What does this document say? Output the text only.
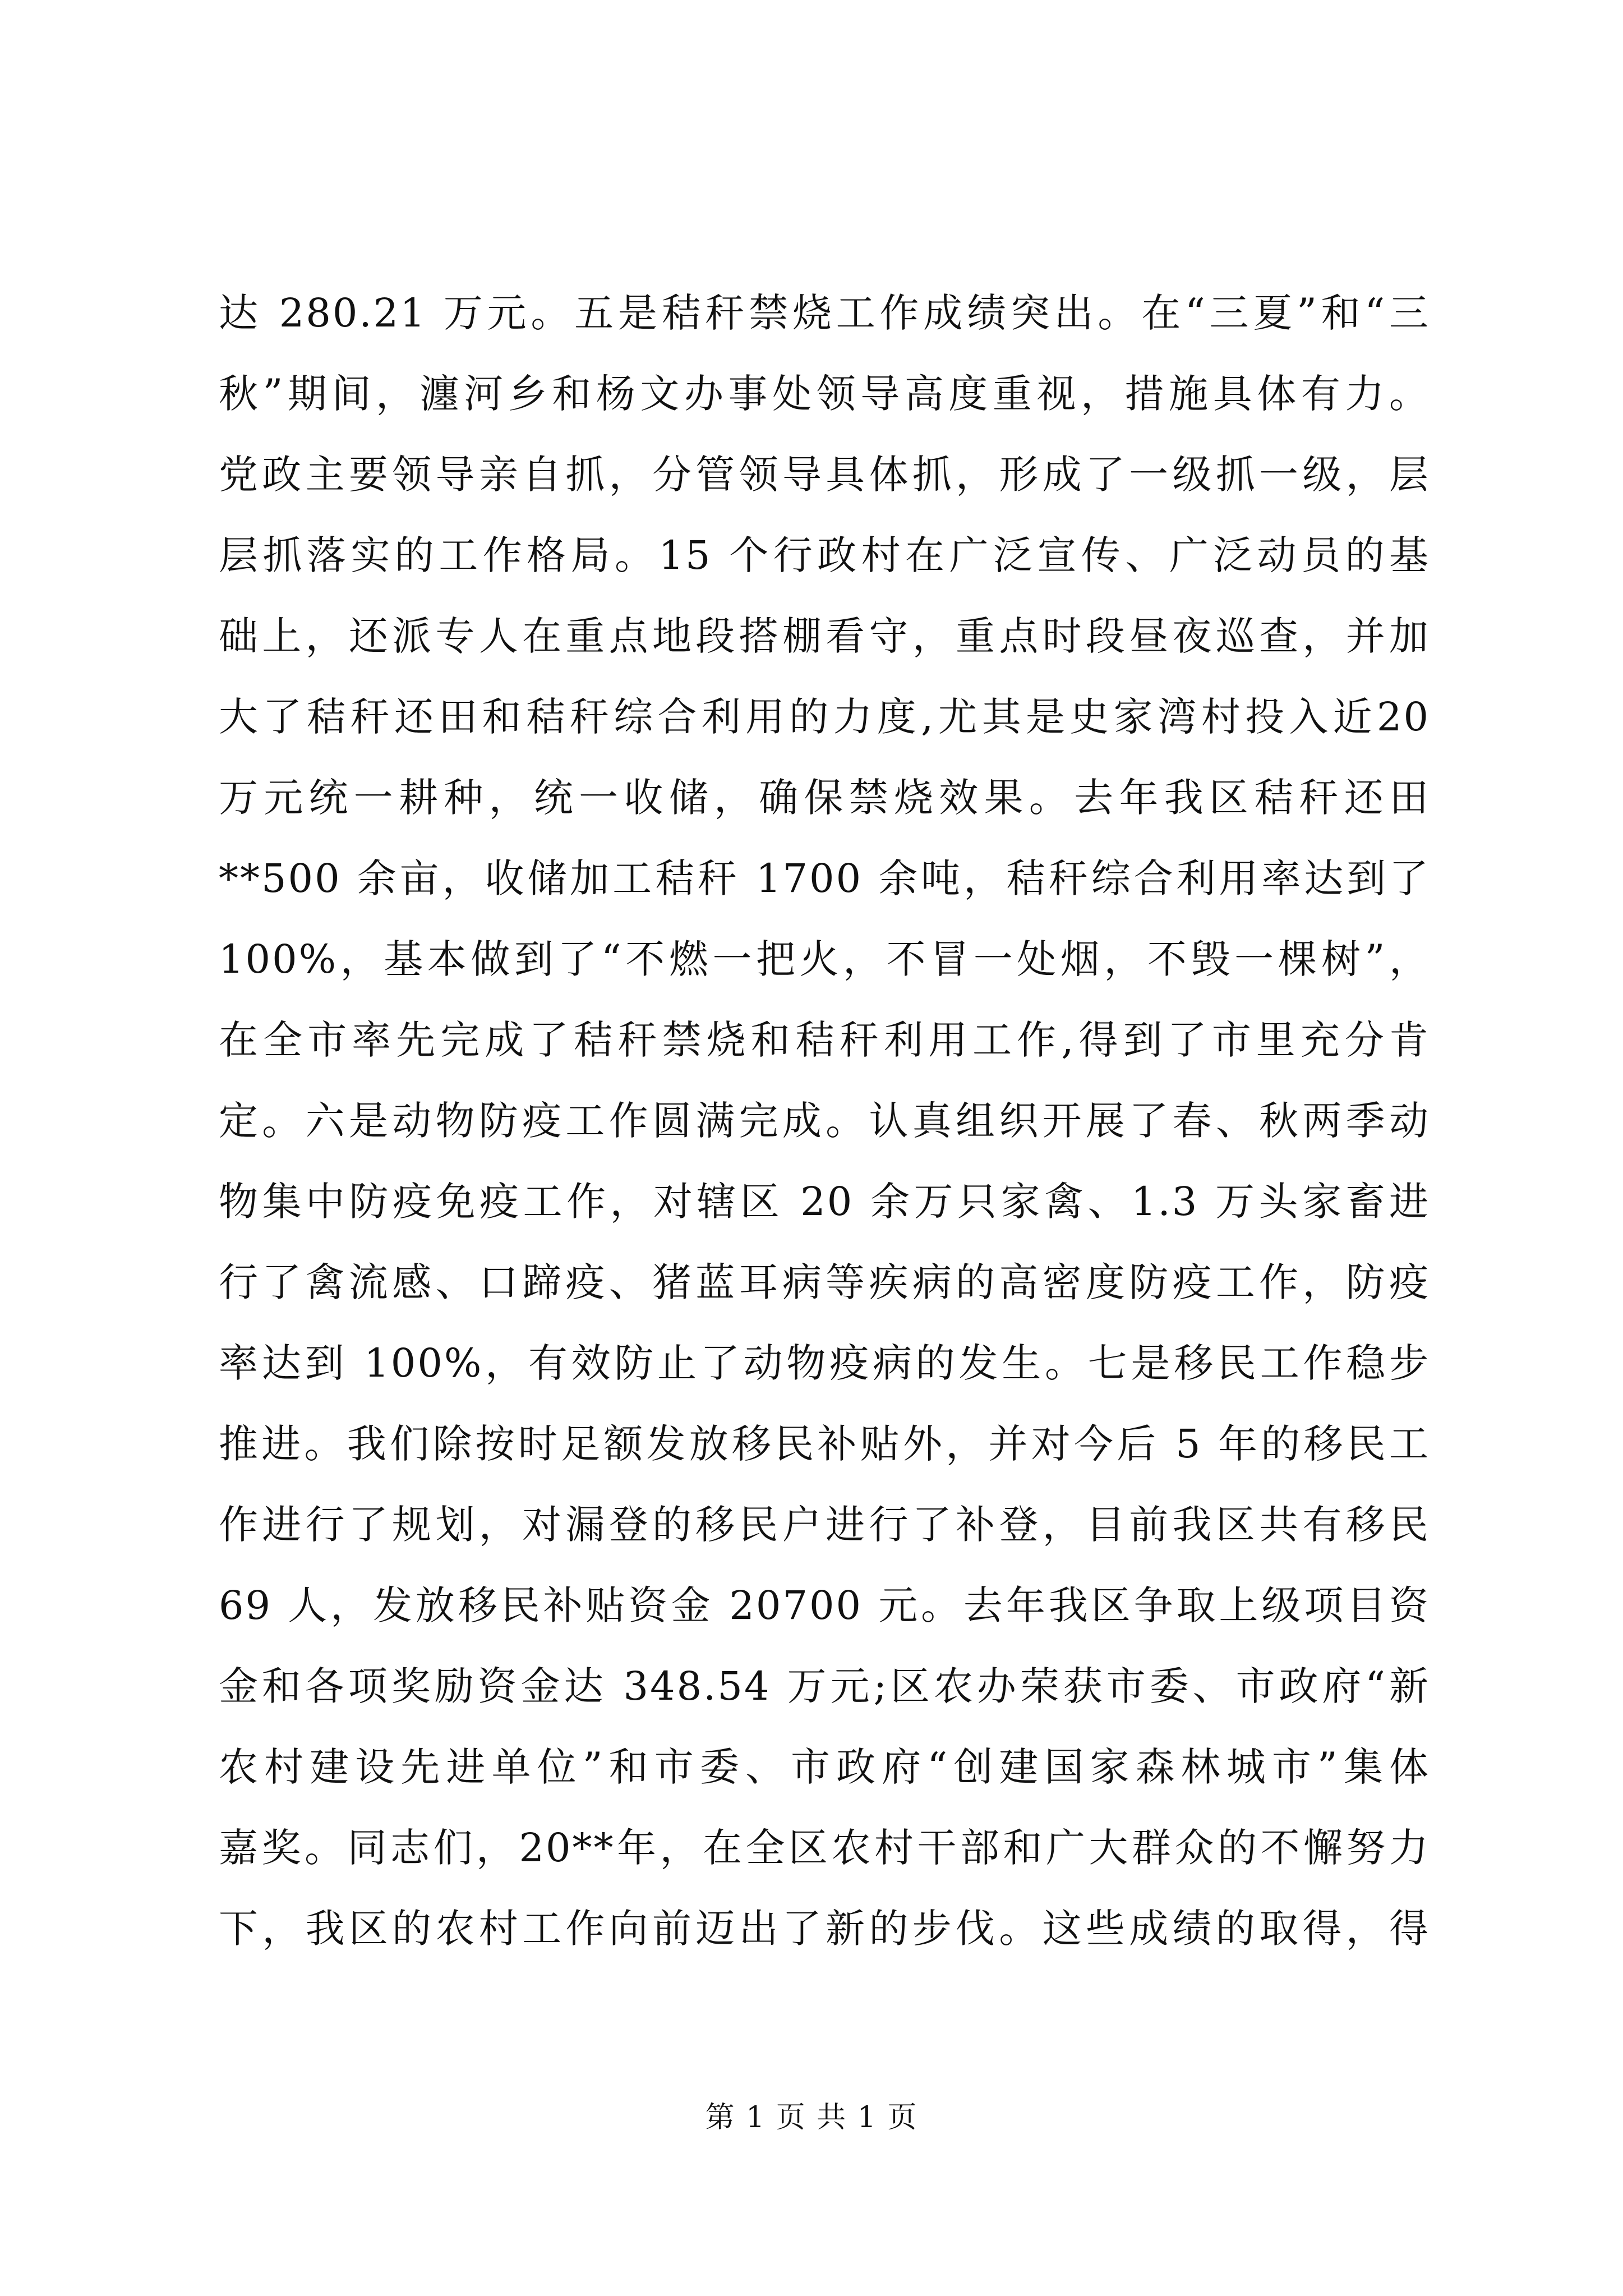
达 280.21 万元。五是秸秆禁烧工作成绩突出。在“三夏”和“三
秋”期间，瀍河乡和杨文办事处领导高度重视，措施具体有力。
党政主要领导亲自抓，分管领导具体抓，形成了一级抓一级，层
层抓落实的工作格局。15 个行政村在广泛宣传、广泛动员的基
础上，还派专人在重点地段搭棚看守，重点时段昼夜巡查，并加
大了秸秆还田和秸秆综合利用的力度,尤其是史家湾村投入近20
万元统一耕种，统一收储，确保禁烧效果。去年我区秸秆还田
**500 余亩，收储加工秸秆 1700 余吨，秸秆综合利用率达到了
100%，基本做到了“不燃一把火，不冒一处烟，不毁一棵树”，
在全市率先完成了秸秆禁烧和秸秆利用工作,得到了市里充分肯
定。六是动物防疫工作圆满完成。认真组织开展了春、秋两季动
物集中防疫免疫工作，对辖区 20 余万只家禽、1.3 万头家畜进
行了禽流感、口蹄疫、猪蓝耳病等疾病的高密度防疫工作，防疫
率达到 100%，有效防止了动物疫病的发生。七是移民工作稳步
推进。我们除按时足额发放移民补贴外，并对今后 5 年的移民工
作进行了规划，对漏登的移民户进行了补登，目前我区共有移民
69 人，发放移民补贴资金 20700 元。去年我区争取上级项目资
金和各项奖励资金达 348.54 万元;区农办荣获市委、市政府“新
农村建设先进单位”和市委、市政府“创建国家森林城市”集体
嘉奖。同志们，20**年，在全区农村干部和广大群众的不懈努力
下，我区的农村工作向前迈出了新的步伐。这些成绩的取得，得
第 1 页 共 1 页
